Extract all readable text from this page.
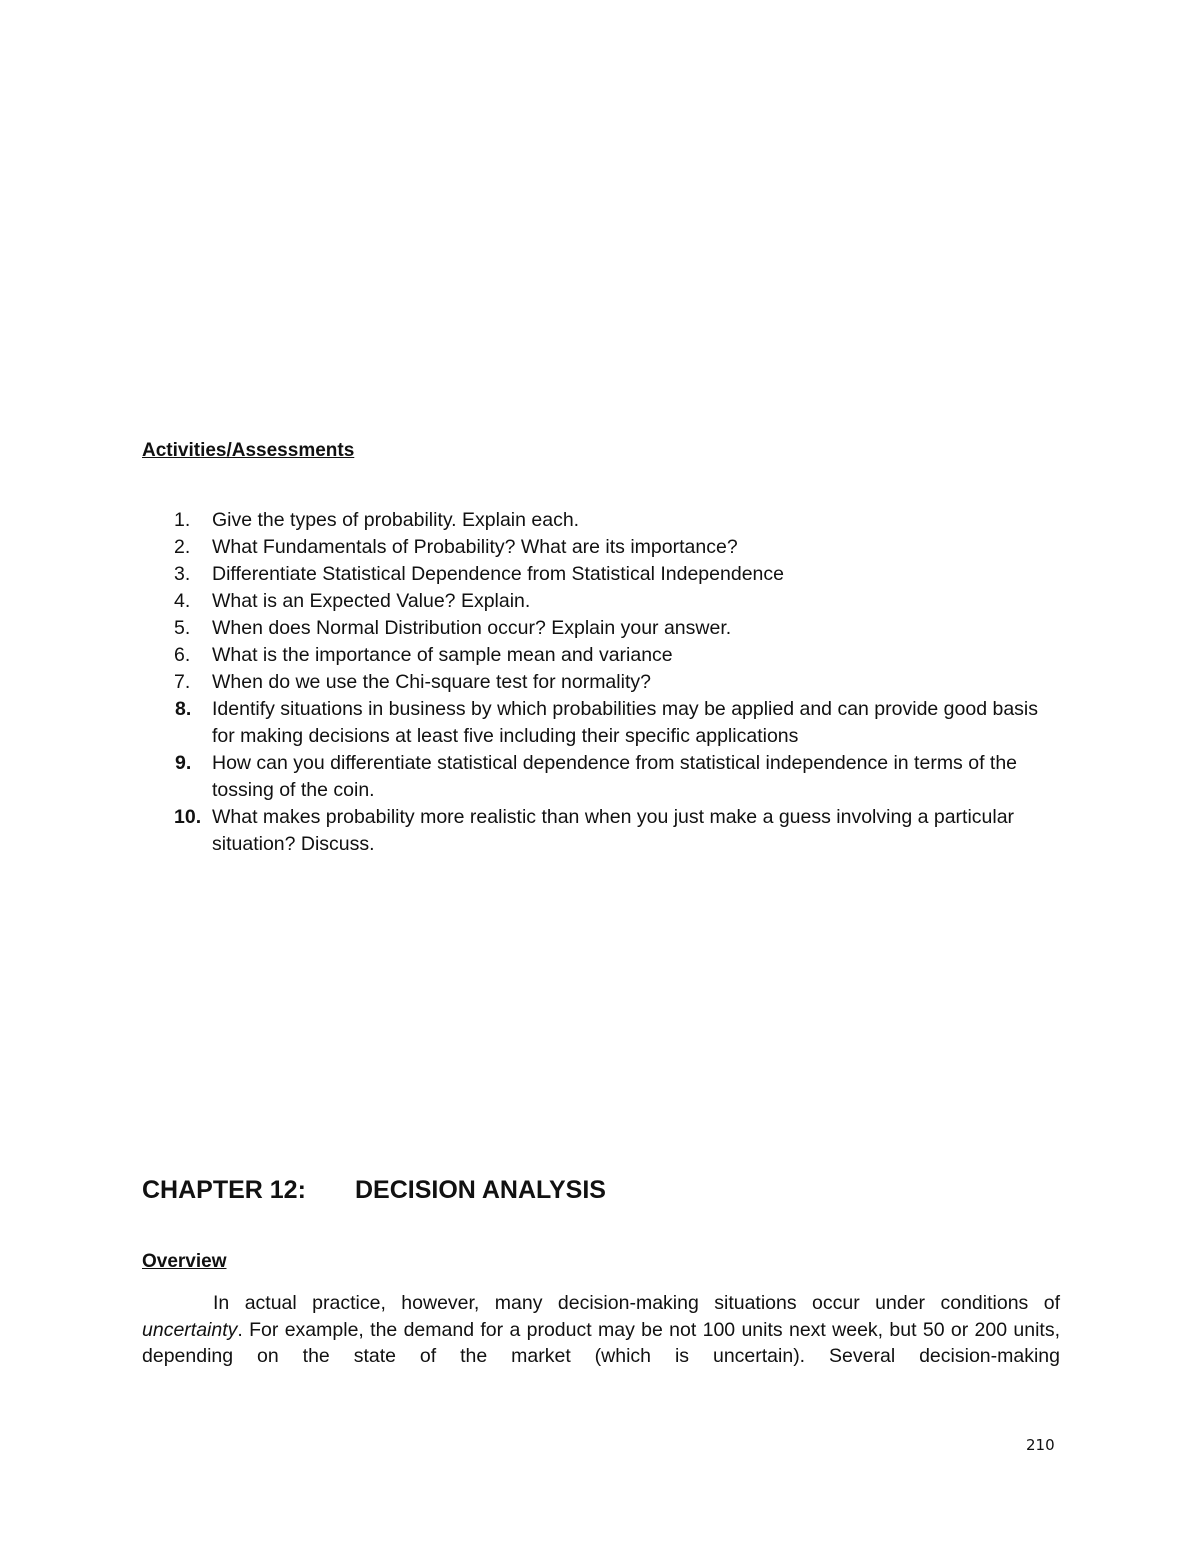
Activities/Assessments
1.	Give the types of probability. Explain each.
2.	What Fundamentals of Probability? What are its importance?
3.	Differentiate Statistical Dependence from Statistical Independence
4.	What is an Expected Value? Explain.
5.	When does Normal Distribution occur? Explain your answer.
6.	What is the importance of sample mean and variance
7.	When do we use the Chi-square test for normality?
8.	Identify situations in business by which probabilities may be applied and can provide good basis for making decisions at least five including their specific applications
9.	How can you differentiate statistical dependence from statistical independence in terms of the tossing of the coin.
10. What makes probability more realistic than when you just make a guess involving a particular situation? Discuss.
CHAPTER 12: DECISION ANALYSIS
Overview

In actual practice, however, many decision-making situations occur under conditions of uncertainty. For example, the demand for a product may be not 100 units next week, but 50 or 200 units, depending on the state of the market (which is uncertain). Several decision-making

210
